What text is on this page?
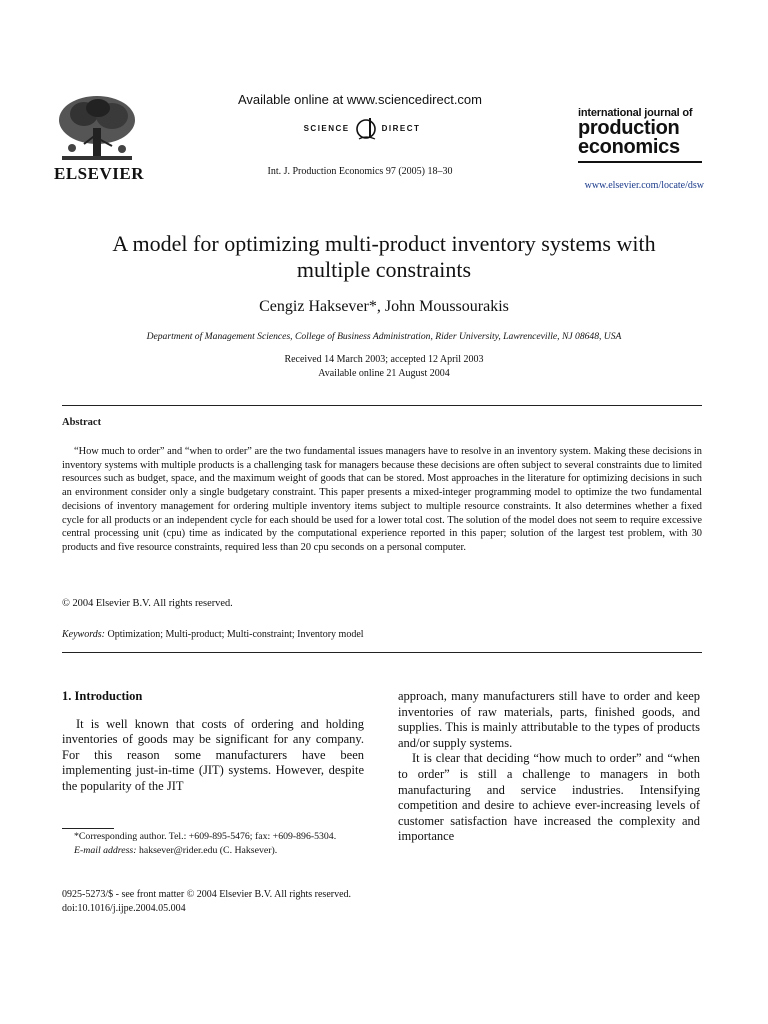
ELSEVIER
Available online at www.sciencedirect.com
SCIENCE	DIRECT
Int. J. Production Economics 97 (2005) 18–30
international journal of
production
economics
www.elsevier.com/locate/dsw
A model for optimizing multi-product inventory systems with
multiple constraints
Cengiz Haksever*, John Moussourakis
Department of Management Sciences, College of Business Administration, Rider University, Lawrenceville, NJ 08648, USA
Received 14 March 2003; accepted 12 April 2003
Available online 21 August 2004
Abstract
“How much to order” and “when to order” are the two fundamental issues managers have to resolve in an inventory system. Making these decisions in inventory systems with multiple products is a challenging task for managers because these decisions are often subject to several constraints due to limited resources such as budget, space, and the maximum weight of goods that can be stored. Most approaches in the literature for optimizing decisions in such an environment consider only a single budgetary constraint. This paper presents a mixed-integer programming model to optimize the two fundamental decisions of inventory management for ordering multiple inventory items subject to multiple resource constraints. It also determines whether a fixed cycle for all products or an independent cycle for each should be used for a lower total cost. The solution of the model does not seem to require excessive central processing unit (cpu) time as indicated by the computational experience reported in this paper; solution of the largest test problem, with 30 products and five resource constraints, required less than 20 cpu seconds on a personal computer.
© 2004 Elsevier B.V. All rights reserved.
Keywords: Optimization; Multi-product; Multi-constraint; Inventory model
1. Introduction

It is well known that costs of ordering and holding inventories of goods may be significant for any company. For this reason some manufacturers have been implementing just-in-time (JIT) systems. However, despite the popularity of the JIT

approach, many manufacturers still have to order and keep inventories of raw materials, parts, finished goods, and supplies. This is mainly attributable to the types of products and/or supply systems.

It is clear that deciding “how much to order” and “when to order” is still a challenge to managers in both manufacturing and service industries. Intensifying competition and desire to achieve ever-increasing levels of customer satisfaction have increased the complexity and importance

*Corresponding author. Tel.: +609-895-5476; fax: +609-896-5304.
E-mail address: haksever@rider.edu (C. Haksever).
0925-5273/$ - see front matter © 2004 Elsevier B.V. All rights reserved.
doi:10.1016/j.ijpe.2004.05.004
